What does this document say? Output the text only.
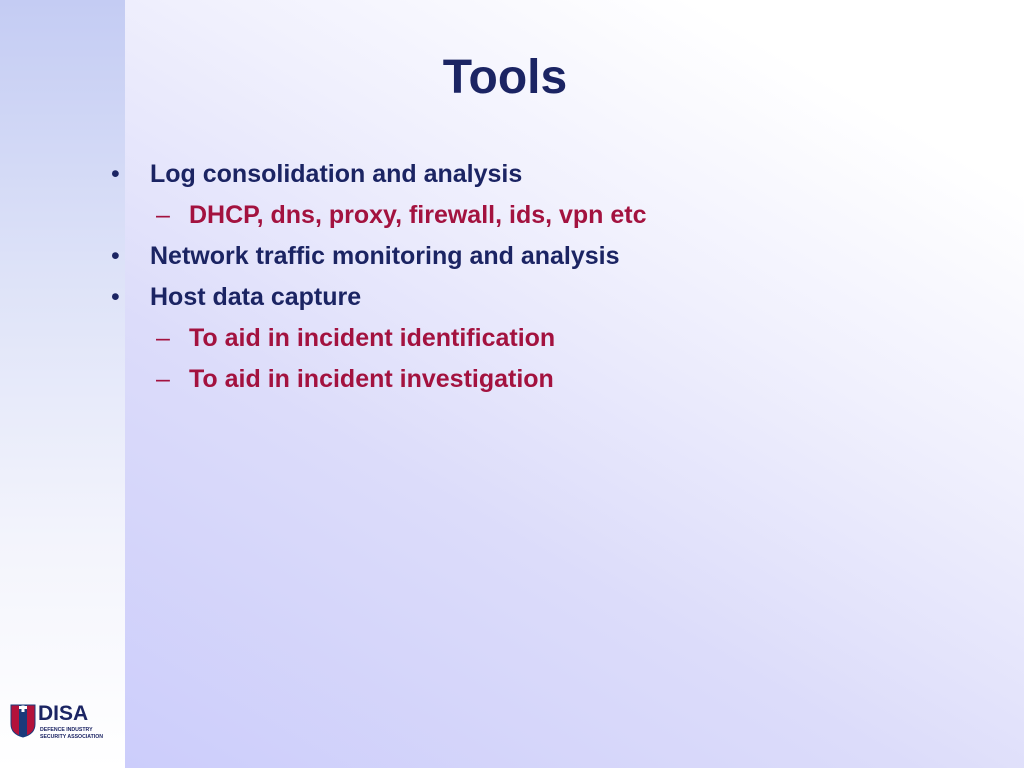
Tools
• Log consolidation and analysis
– DHCP, dns, proxy, firewall, ids, vpn etc
• Network traffic monitoring and analysis
• Host data capture
– To aid in incident identification
– To aid in incident investigation
DISA
DEFENCE INDUSTRY
SECURITY ASSOCIATION
